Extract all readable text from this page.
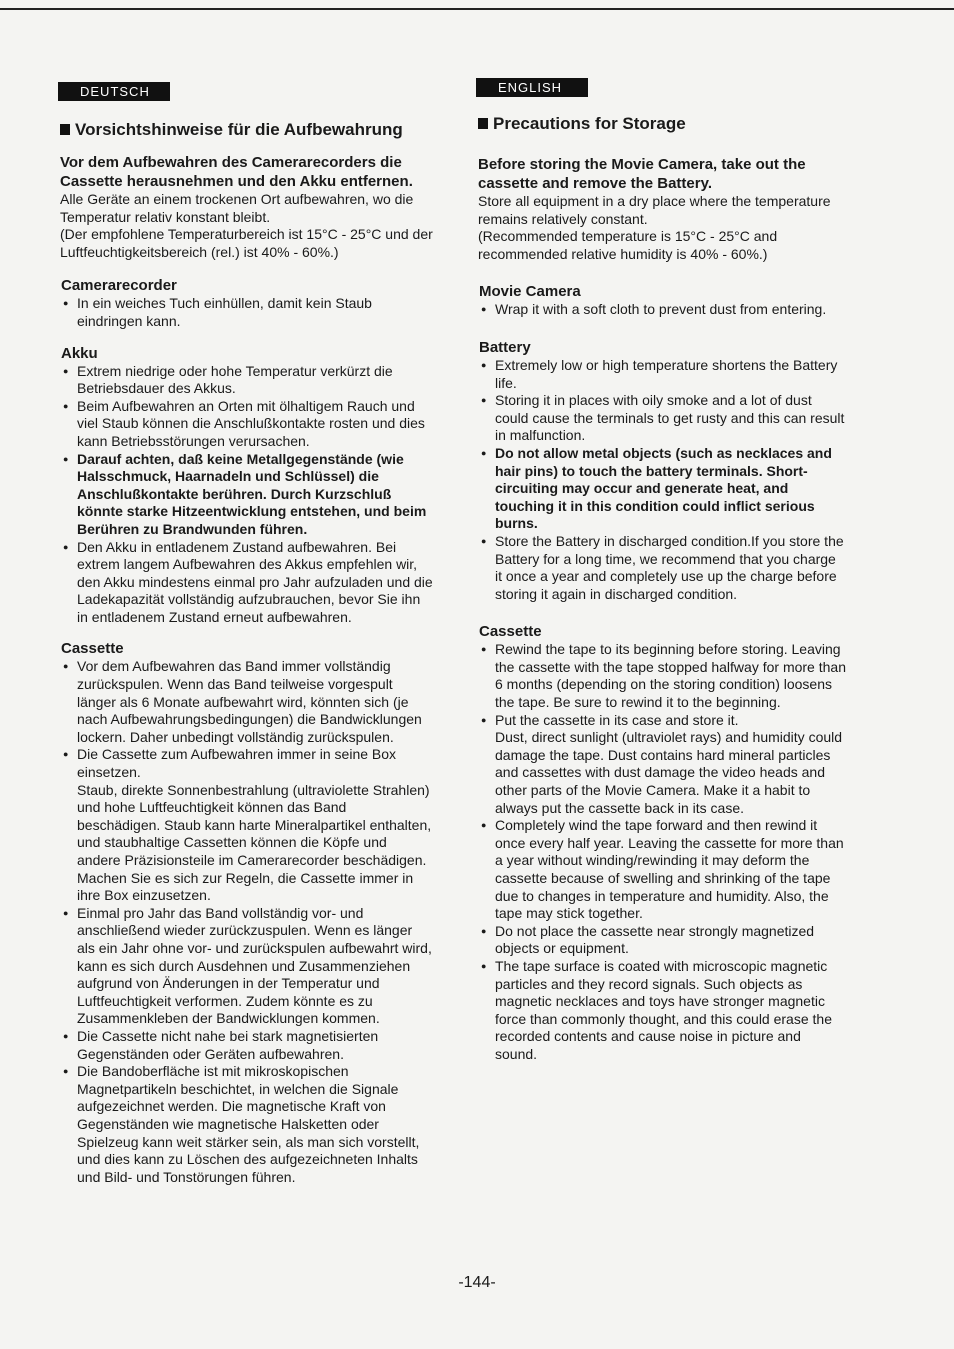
DEUTSCH
Vorsichtshinweise für die Aufbewahrung
Vor dem Aufbewahren des Camerarecorders die Cassette herausnehmen und den Akku entfernen.

Alle Geräte an einem trockenen Ort aufbewahren, wo die Temperatur relativ konstant bleibt.

(Der empfohlene Temperaturbereich ist 15°C - 25°C und der Luftfeuchtigkeitsbereich (rel.) ist 40% - 60%.)

Camerarecorder
● In ein weiches Tuch einhüllen, damit kein Staub eindringen kann.
Akku
● Extrem niedrige oder hohe Temperatur verkürzt die Betriebsdauer des Akkus.
● Beim Aufbewahren an Orten mit ölhaltigem Rauch und viel Staub können die Anschlußkontakte rosten und dies kann Betriebsstörungen verursachen.
● Darauf achten, daß keine Metallgegenstände (wie Halsschmuck, Haarnadeln und Schlüssel) die Anschlußkontakte berühren. Durch Kurzschluß könnte starke Hitzeentwicklung entstehen, und beim Berühren zu Brandwunden führen.
● Den Akku in entladenem Zustand aufbewahren. Bei extrem langem Aufbewahren des Akkus empfehlen wir, den Akku mindestens einmal pro Jahr aufzuladen und die Ladekapazität vollständig aufzubrauchen, bevor Sie ihn in entladenem Zustand erneut aufbewahren.
Cassette
● Vor dem Aufbewahren das Band immer vollständig zurückspulen. Wenn das Band teilweise vorgespult länger als 6 Monate aufbewahrt wird, könnten sich (je nach Aufbewahrungsbedingungen) die Bandwicklungen lockern. Daher unbedingt vollständig zurückspulen.
● Die Cassette zum Aufbewahren immer in seine Box einsetzen.
Staub, direkte Sonnenbestrahlung (ultraviolette Strahlen) und hohe Luftfeuchtigkeit können das Band beschädigen. Staub kann harte Mineralpartikel enthalten, und staubhaltige Cassetten können die Köpfe und andere Präzisionsteile im Camerarecorder beschädigen. Machen Sie es sich zur Regeln, die Cassette immer in ihre Box einzusetzen.
● Einmal pro Jahr das Band vollständig vor- und anschließend wieder zurückzuspulen. Wenn es länger als ein Jahr ohne vor- und zurückspulen aufbewahrt wird, kann es sich durch Ausdehnen und Zusammenziehen aufgrund von Änderungen in der Temperatur und Luftfeuchtigkeit verformen. Zudem könnte es zu Zusammenkleben der Bandwicklungen kommen.
● Die Cassette nicht nahe bei stark magnetisierten Gegenständen oder Geräten aufbewahren.
● Die Bandoberfläche ist mit mikroskopischen Magnetpartikeln beschichtet, in welchen die Signale aufgezeichnet werden. Die magnetische Kraft von Gegenständen wie magnetische Halsketten oder Spielzeug kann weit stärker sein, als man sich vorstellt, und dies kann zu Löschen des aufgezeichneten Inhalts und Bild- und Tonstörungen führen.
ENGLISH
Precautions for Storage
Before storing the Movie Camera, take out the cassette and remove the Battery.

Store all equipment in a dry place where the temperature remains relatively constant.

(Recommended temperature is 15°C - 25°C and recommended relative humidity is 40% - 60%.)

Movie Camera
● Wrap it with a soft cloth to prevent dust from entering.
Battery
● Extremely low or high temperature shortens the Battery life.
● Storing it in places with oily smoke and a lot of dust could cause the terminals to get rusty and this can result in malfunction.
● Do not allow metal objects (such as necklaces and hair pins) to touch the battery terminals. Short-circuiting may occur and generate heat, and touching it in this condition could inflict serious burns.
● Store the Battery in discharged condition.If you store the Battery for a long time, we recommend that you charge it once a year and completely use up the charge before storing it again in discharged condition.
Cassette
● Rewind the tape to its beginning before storing. Leaving the cassette with the tape stopped halfway for more than 6 months (depending on the storing condition) loosens the tape. Be sure to rewind it to the beginning.
● Put the cassette in its case and store it.
Dust, direct sunlight (ultraviolet rays) and humidity could damage the tape. Dust contains hard mineral particles and cassettes with dust damage the video heads and other parts of the Movie Camera. Make it a habit to always put the cassette back in its case.
● Completely wind the tape forward and then rewind it once every half year. Leaving the cassette for more than a year without winding/rewinding it may deform the cassette because of swelling and shrinking of the tape due to changes in temperature and humidity. Also, the tape may stick together.
● Do not place the cassette near strongly magnetized objects or equipment.
● The tape surface is coated with microscopic magnetic particles and they record signals. Such objects as magnetic necklaces and toys have stronger magnetic force than commonly thought, and this could erase the recorded contents and cause noise in picture and sound.
-144-
